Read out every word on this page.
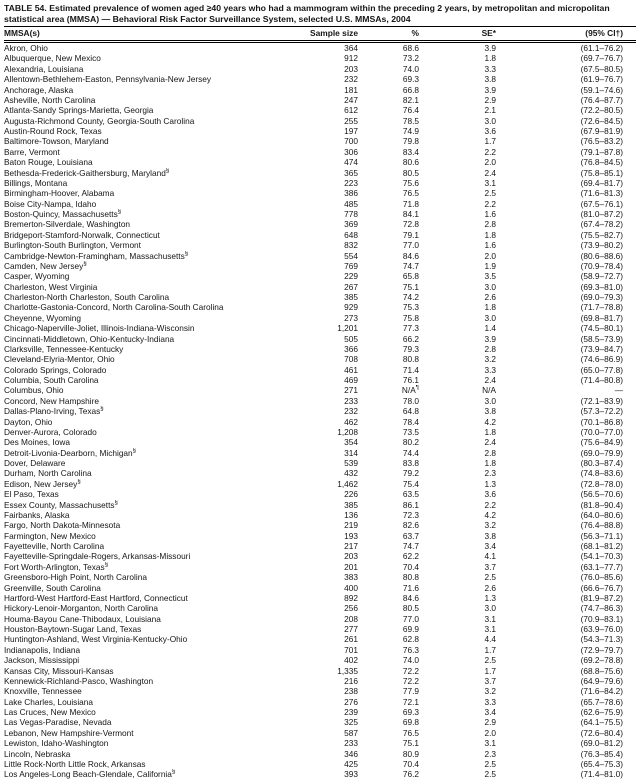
TABLE 54. Estimated prevalence of women aged ≥40 years who had a mammogram within the preceding 2 years, by metropolitan and micropolitan statistical area (MMSA) — Behavioral Risk Factor Surveillance System, selected U.S. MMSAs, 2004
MMSA(s)	Sample size	%	SE*	(95% CI†)
Akron, Ohio	364	68.6	3.9	(61.1–76.2)
Albuquerque, New Mexico	912	73.2	1.8	(69.7–76.7)
Alexandria, Louisiana	203	74.0	3.3	(67.5–80.5)
Allentown-Bethlehem-Easton, Pennsylvania-New Jersey	232	69.3	3.8	(61.9–76.7)
Anchorage, Alaska	181	66.8	3.9	(59.1–74.6)
Asheville, North Carolina	247	82.1	2.9	(76.4–87.7)
Atlanta-Sandy Springs-Marietta, Georgia	612	76.4	2.1	(72.2–80.5)
Augusta-Richmond County, Georgia-South Carolina	255	78.5	3.0	(72.6–84.5)
Austin-Round Rock, Texas	197	74.9	3.6	(67.9–81.9)
Baltimore-Towson, Maryland	700	79.8	1.7	(76.5–83.2)
Barre, Vermont	306	83.4	2.2	(79.1–87.8)
Baton Rouge, Louisiana	474	80.6	2.0	(76.8–84.5)
Bethesda-Frederick-Gaithersburg, Maryland§	365	80.5	2.4	(75.8–85.1)
Billings, Montana	223	75.6	3.1	(69.4–81.7)
Birmingham-Hoover, Alabama	386	76.5	2.5	(71.6–81.3)
Boise City-Nampa, Idaho	485	71.8	2.2	(67.5–76.1)
Boston-Quincy, Massachusetts§	778	84.1	1.6	(81.0–87.2)
Bremerton-Silverdale, Washington	369	72.8	2.8	(67.4–78.2)
Bridgeport-Stamford-Norwalk, Connecticut	648	79.1	1.8	(75.5–82.7)
Burlington-South Burlington, Vermont	832	77.0	1.6	(73.9–80.2)
Cambridge-Newton-Framingham, Massachusetts§	554	84.6	2.0	(80.6–88.6)
Camden, New Jersey§	769	74.7	1.9	(70.9–78.4)
Casper, Wyoming	229	65.8	3.5	(58.9–72.7)
Charleston, West Virginia	267	75.1	3.0	(69.3–81.0)
Charleston-North Charleston, South Carolina	385	74.2	2.6	(69.0–79.3)
Charlotte-Gastonia-Concord, North Carolina-South Carolina	929	75.3	1.8	(71.7–78.8)
Cheyenne, Wyoming	273	75.8	3.0	(69.8–81.7)
Chicago-Naperville-Joliet, Illinois-Indiana-Wisconsin	1,201	77.3	1.4	(74.5–80.1)
Cincinnati-Middletown, Ohio-Kentucky-Indiana	505	66.2	3.9	(58.5–73.9)
Clarksville, Tennessee-Kentucky	366	79.3	2.8	(73.9–84.7)
Cleveland-Elyria-Mentor, Ohio	708	80.8	3.2	(74.6–86.9)
Colorado Springs, Colorado	461	71.4	3.3	(65.0–77.8)
Columbia, South Carolina	469	76.1	2.4	(71.4–80.8)
Columbus, Ohio	271	N/A¶	N/A	—
Concord, New Hampshire	233	78.0	3.0	(72.1–83.9)
Dallas-Plano-Irving, Texas§	232	64.8	3.8	(57.3–72.2)
Dayton, Ohio	462	78.4	4.2	(70.1–86.8)
Denver-Aurora, Colorado	1,208	73.5	1.8	(70.0–77.0)
Des Moines, Iowa	354	80.2	2.4	(75.6–84.9)
Detroit-Livonia-Dearborn, Michigan§	314	74.4	2.8	(69.0–79.9)
Dover, Delaware	539	83.8	1.8	(80.3–87.4)
Durham, North Carolina	432	79.2	2.3	(74.8–83.6)
Edison, New Jersey§	1,462	75.4	1.3	(72.8–78.0)
El Paso, Texas	226	63.5	3.6	(56.5–70.6)
Essex County, Massachusetts§	385	86.1	2.2	(81.8–90.4)
Fairbanks, Alaska	136	72.3	4.2	(64.0–80.6)
Fargo, North Dakota-Minnesota	219	82.6	3.2	(76.4–88.8)
Farmington, New Mexico	193	63.7	3.8	(56.3–71.1)
Fayetteville, North Carolina	217	74.7	3.4	(68.1–81.2)
Fayetteville-Springdale-Rogers, Arkansas-Missouri	203	62.2	4.1	(54.1–70.3)
Fort Worth-Arlington, Texas§	201	70.4	3.7	(63.1–77.7)
Greensboro-High Point, North Carolina	383	80.8	2.5	(76.0–85.6)
Greenville, South Carolina	400	71.6	2.6	(66.6–76.7)
Hartford-West Hartford-East Hartford, Connecticut	892	84.6	1.3	(81.9–87.2)
Hickory-Lenoir-Morganton, North Carolina	256	80.5	3.0	(74.7–86.3)
Houma-Bayou Cane-Thibodaux, Louisiana	208	77.0	3.1	(70.9–83.1)
Houston-Baytown-Sugar Land, Texas	277	69.9	3.1	(63.9–76.0)
Huntington-Ashland, West Virginia-Kentucky-Ohio	261	62.8	4.4	(54.3–71.3)
Indianapolis, Indiana	701	76.3	1.7	(72.9–79.7)
Jackson, Mississippi	402	74.0	2.5	(69.2–78.8)
Kansas City, Missouri-Kansas	1,335	72.2	1.7	(68.8–75.6)
Kennewick-Richland-Pasco, Washington	216	72.2	3.7	(64.9–79.6)
Knoxville, Tennessee	238	77.9	3.2	(71.6–84.2)
Lake Charles, Louisiana	276	72.1	3.3	(65.7–78.6)
Las Cruces, New Mexico	239	69.3	3.4	(62.6–75.9)
Las Vegas-Paradise, Nevada	325	69.8	2.9	(64.1–75.5)
Lebanon, New Hampshire-Vermont	587	76.5	2.0	(72.6–80.4)
Lewiston, Idaho-Washington	233	75.1	3.1	(69.0–81.2)
Lincoln, Nebraska	346	80.9	2.3	(76.3–85.4)
Little Rock-North Little Rock, Arkansas	425	70.4	2.5	(65.4–75.3)
Los Angeles-Long Beach-Glendale, California§	393	76.2	2.5	(71.4–81.0)
